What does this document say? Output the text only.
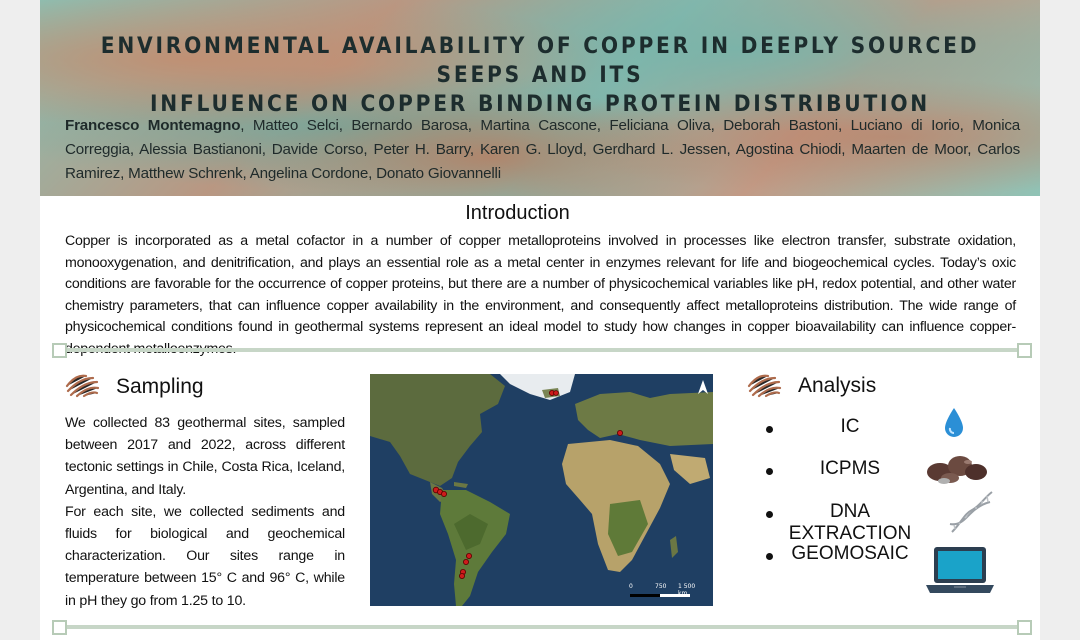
ENVIRONMENTAL AVAILABILITY OF COPPER IN DEEPLY SOURCED SEEPS AND ITS
INFLUENCE ON COPPER BINDING PROTEIN DISTRIBUTION
Francesco Montemagno, Matteo Selci, Bernardo Barosa, Martina Cascone, Feliciana Oliva, Deborah Bastoni, Luciano di Iorio, Monica Correggia, Alessia Bastianoni, Davide Corso, Peter H. Barry, Karen G. Lloyd, Gerdhard L. Jessen, Agostina Chiodi, Maarten de Moor, Carlos Ramirez, Matthew Schrenk, Angelina Cordone, Donato Giovannelli
Introduction
Copper is incorporated as a metal cofactor in a number of copper metalloproteins involved in processes like electron transfer, substrate oxidation, monooxygenation, and denitrification, and plays an essential role as a metal center in enzymes relevant for life and biogeochemical cycles. Today’s oxic conditions are favorable for the occurrence of copper proteins, but there are a number of physicochemical variables like pH, redox potential, and other water chemistry parameters, that can influence copper availability in the environment, and consequently affect metalloproteins distribution. The wide range of physicochemical conditions found in geothermal systems represent an ideal model to study how changes in copper bioavailability can influence copper-
Sampling
We collected 83 geothermal sites, sampled between 2017 and 2022, across different tectonic settings in Chile, Costa Rica, Iceland, Argentina, and Italy.
For each site, we collected sediments and fluids for biological and geochemical characterization. Our sites range in temperature between 15° C and 96° C, while in pH they go from 1.25 to 10.
0	750 1 500 km
Analysis
IC
ICPMS
DNA EXTRACTION
GEOMOSAIC
